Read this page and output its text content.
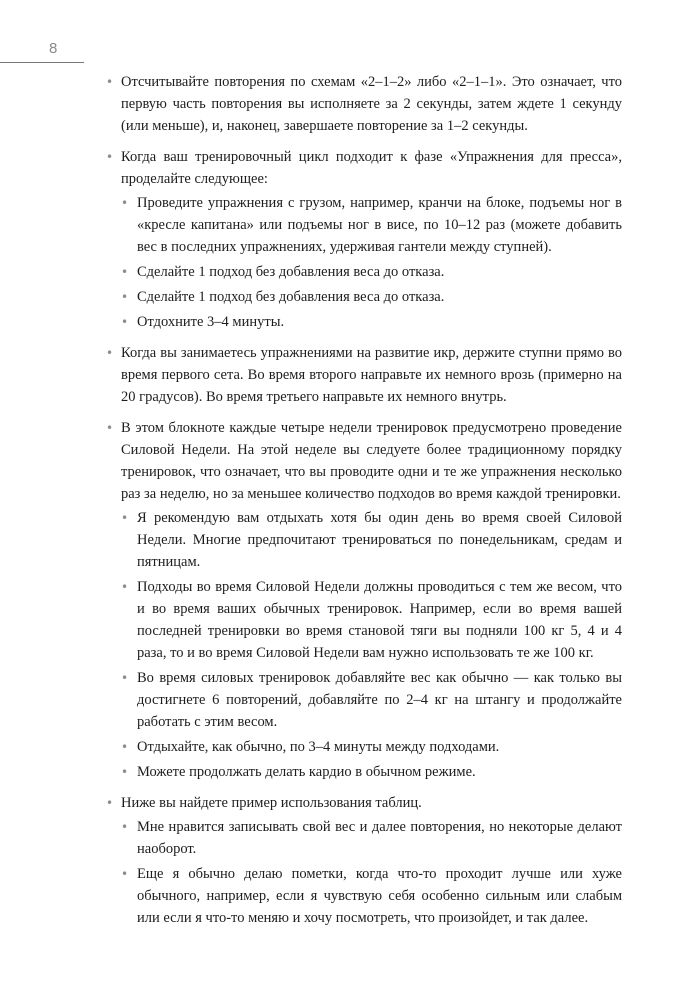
8
• Отсчитывайте повторения по схемам «2–1–2» либо «2–1–1». Это означает, что первую часть повторения вы исполняете за 2 секунды, затем ждете 1 секунду (или меньше), и, наконец, завершаете повторение за 1–2 секунды.
• Когда ваш тренировочный цикл подходит к фазе «Упражнения для пресса», проделайте следующее:
• Проведите упражнения с грузом, например, кранчи на блоке, подъемы ног в «кресле капитана» или подъемы ног в висе, по 10–12 раз (можете добавить вес в последних упражнениях, удерживая гантели между ступней).
• Сделайте 1 подход без добавления веса до отказа.
• Сделайте 1 подход без добавления веса до отказа.
• Отдохните 3–4 минуты.
• Когда вы занимаетесь упражнениями на развитие икр, держите ступни прямо во время первого сета. Во время второго направьте их немного врозь (примерно на 20 градусов). Во время третьего направьте их немного внутрь.
• В этом блокноте каждые четыре недели тренировок предусмотрено проведение Силовой Недели. На этой неделе вы следуете более традиционному порядку тренировок, что означает, что вы проводите одни и те же упражнения несколько раз за неделю, но за меньшее количество подходов во время каждой тренировки.
• Я рекомендую вам отдыхать хотя бы один день во время своей Силовой Недели. Многие предпочитают тренироваться по понедельникам, средам и пятницам.
• Подходы во время Силовой Недели должны проводиться с тем же весом, что и во время ваших обычных тренировок. Например, если во время вашей последней тренировки во время становой тяги вы подняли 100 кг 5, 4 и 4 раза, то и во время Силовой Недели вам нужно использовать те же 100 кг.
• Во время силовых тренировок добавляйте вес как обычно — как только вы достигнете 6 повторений, добавляйте по 2–4 кг на штангу и продолжайте работать с этим весом.
• Отдыхайте, как обычно, по 3–4 минуты между подходами.
• Можете продолжать делать кардио в обычном режиме.
• Ниже вы найдете пример использования таблиц.
• Мне нравится записывать свой вес и далее повторения, но некоторые делают наоборот.
• Еще я обычно делаю пометки, когда что-то проходит лучше или хуже обычного, например, если я чувствую себя особенно сильным или слабым или если я что-то меняю и хочу посмотреть, что произойдет, и так далее.
